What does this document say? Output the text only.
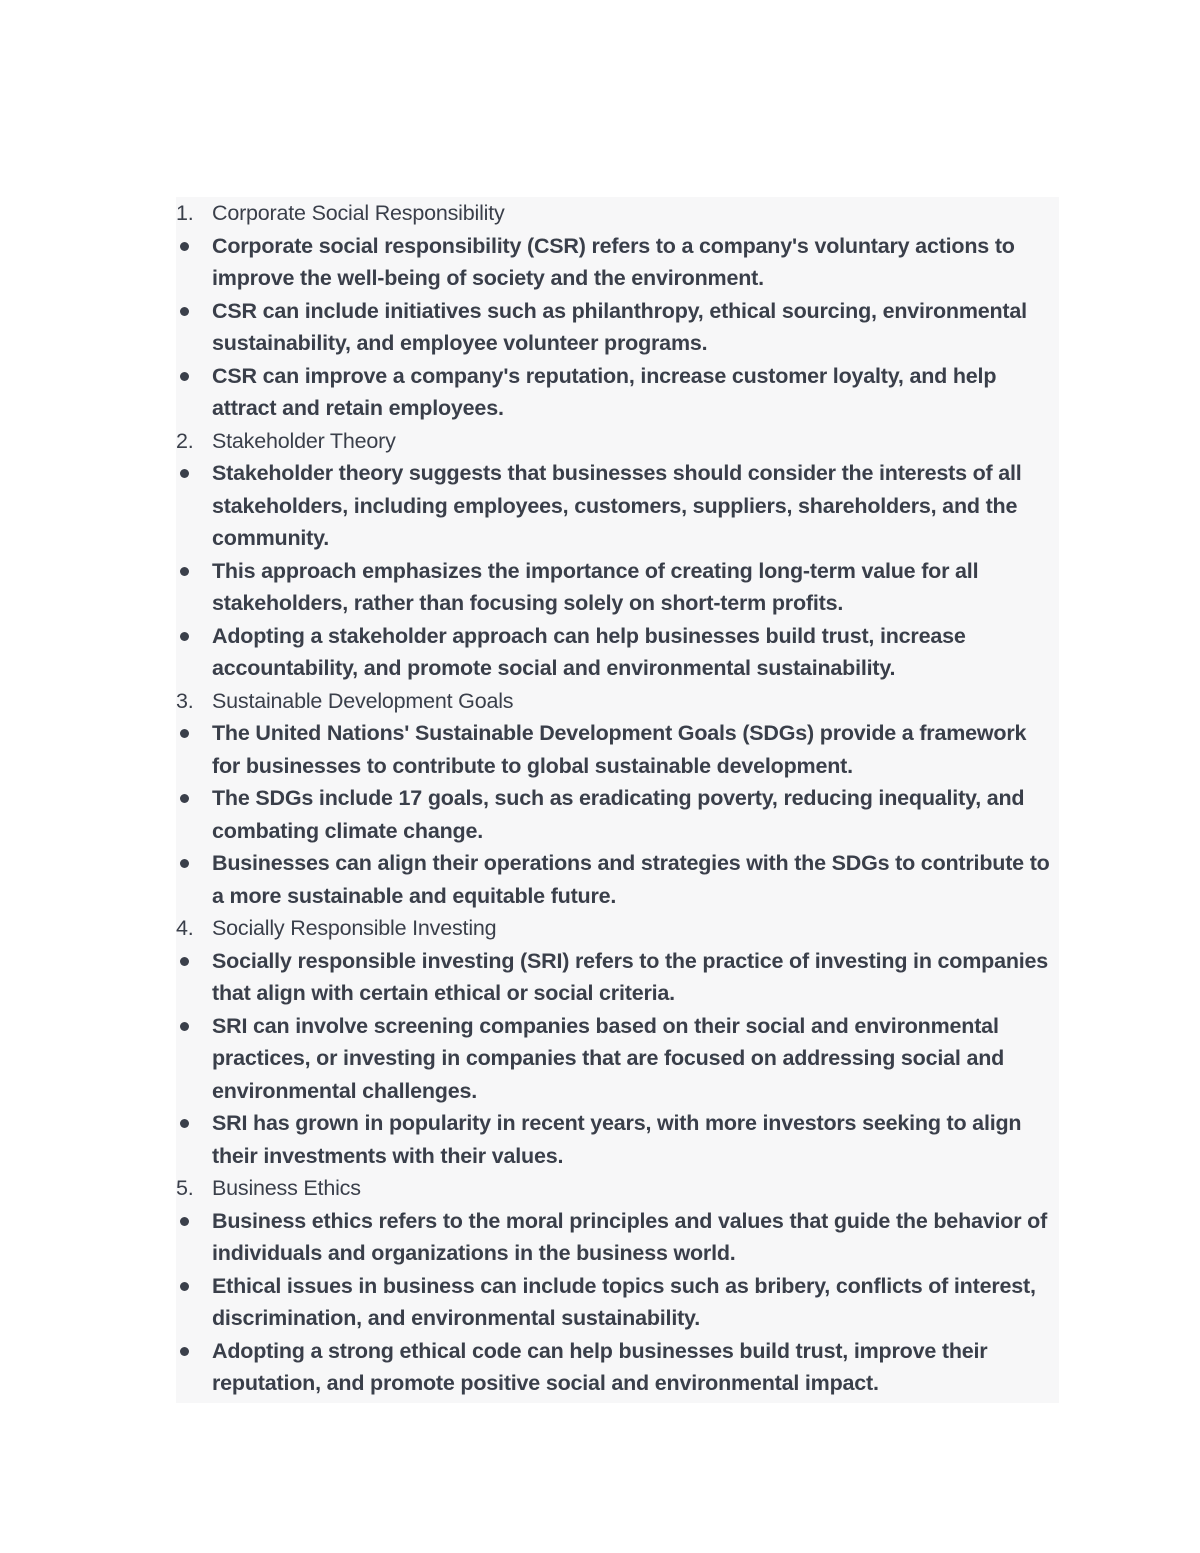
1. Corporate Social Responsibility
Corporate social responsibility (CSR) refers to a company's voluntary actions to improve the well-being of society and the environment.
CSR can include initiatives such as philanthropy, ethical sourcing, environmental sustainability, and employee volunteer programs.
CSR can improve a company's reputation, increase customer loyalty, and help attract and retain employees.
2. Stakeholder Theory
Stakeholder theory suggests that businesses should consider the interests of all stakeholders, including employees, customers, suppliers, shareholders, and the community.
This approach emphasizes the importance of creating long-term value for all stakeholders, rather than focusing solely on short-term profits.
Adopting a stakeholder approach can help businesses build trust, increase accountability, and promote social and environmental sustainability.
3. Sustainable Development Goals
The United Nations' Sustainable Development Goals (SDGs) provide a framework for businesses to contribute to global sustainable development.
The SDGs include 17 goals, such as eradicating poverty, reducing inequality, and combating climate change.
Businesses can align their operations and strategies with the SDGs to contribute to a more sustainable and equitable future.
4. Socially Responsible Investing
Socially responsible investing (SRI) refers to the practice of investing in companies that align with certain ethical or social criteria.
SRI can involve screening companies based on their social and environmental practices, or investing in companies that are focused on addressing social and environmental challenges.
SRI has grown in popularity in recent years, with more investors seeking to align their investments with their values.
5. Business Ethics
Business ethics refers to the moral principles and values that guide the behavior of individuals and organizations in the business world.
Ethical issues in business can include topics such as bribery, conflicts of interest, discrimination, and environmental sustainability.
Adopting a strong ethical code can help businesses build trust, improve their reputation, and promote positive social and environmental impact.
